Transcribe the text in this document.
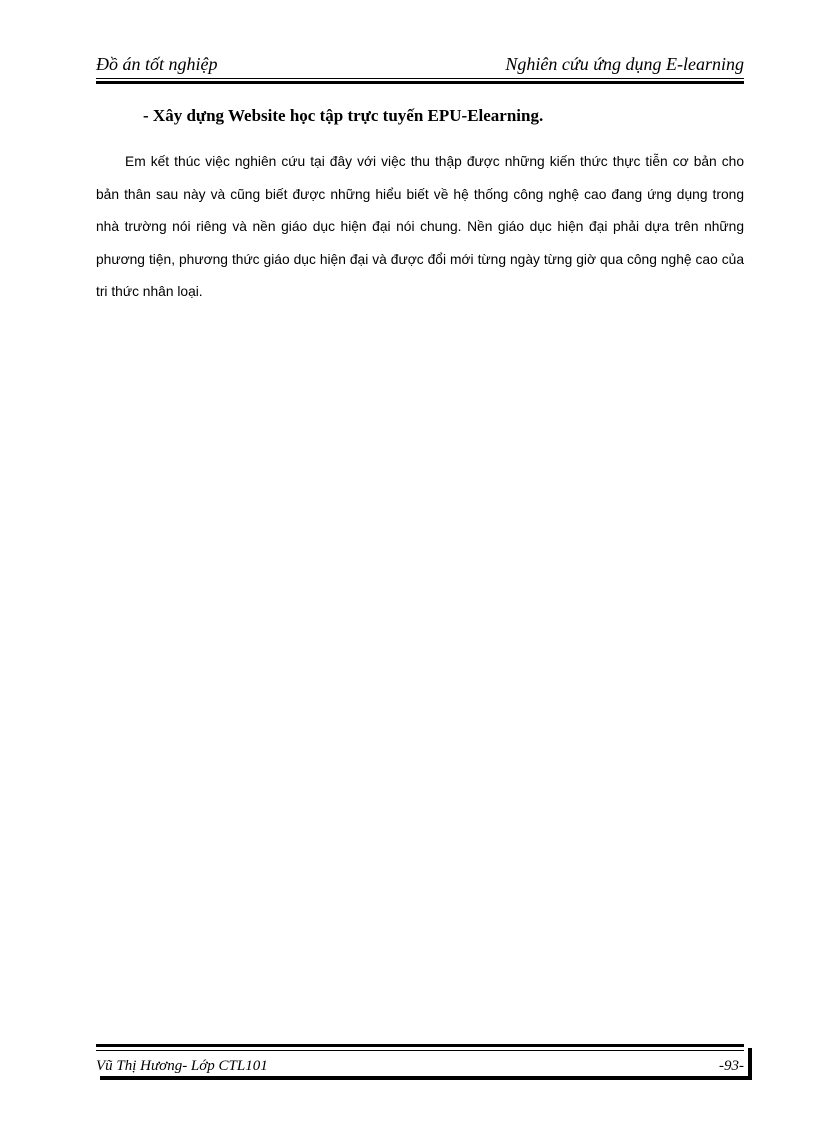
Đồ án tốt nghiệp	Nghiên cứu ứng dụng E-learning
- Xây dựng Website học tập trực tuyến EPU-Elearning.

Em kết thúc việc nghiên cứu tại đây với việc thu thập được những kiến thức thực tiễn cơ bản cho bản thân sau này và cũng biết được những hiểu biết về hệ thống công nghệ cao đang ứng dụng trong nhà trường nói riêng và nền giáo dục hiện đại nói chung. Nền giáo dục hiện đại phải dựa trên những phương tiện, phương thức giáo dục hiện đại và được đổi mới từng ngày từng giờ qua công nghệ cao của tri thức nhân loại.

Vũ Thị Hương- Lớp CTL101	-93-
